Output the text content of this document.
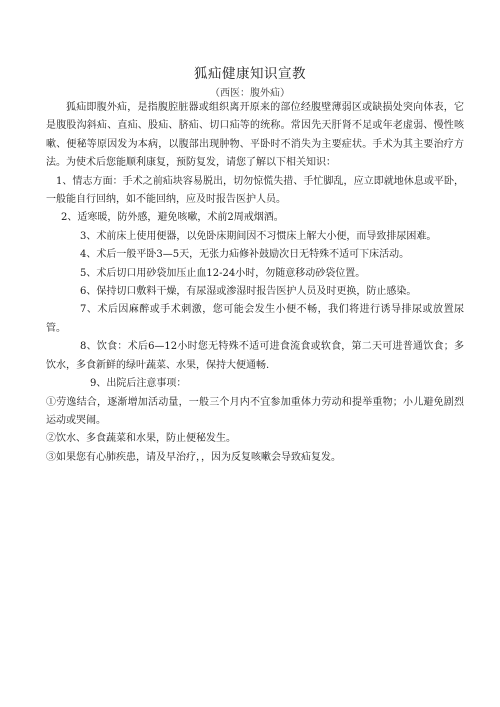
狐疝健康知识宣教
（西医：腹外疝）

狐疝即腹外疝，是指腹腔脏器或组织离开原来的部位经腹壁薄弱区或缺损处突向体表，它是腹股沟斜疝、直疝、股疝、脐疝、切口疝等的统称。常因先天肝肾不足或年老虚弱、慢性咳嗽、便秘等原因发为本病，以腹部出现肿物、平卧时不消失为主要症状。手术为其主要治疗方法。为使术后您能顺利康复，预防复发，请您了解以下相关知识：

1、情志方面：手术之前疝块容易脱出，切勿惊慌失措、手忙脚乱，应立即就地休息或平卧，一般能自行回纳，如不能回纳，应及时报告医护人员。

2、适寒暖，防外感，避免咳嗽，术前2周戒烟酒。

3、术前床上使用便器，以免卧床期间因不习惯床上解大小便，而导致排尿困难。

4、术后一般平卧3—5天，无张力疝修补鼓励次日无特殊不适可下床活动。

5、术后切口用砂袋加压止血12-24小时，勿随意移动砂袋位置。

6、保持切口敷料干燥，有尿湿或渗湿时报告医护人员及时更换，防止感染。

7、术后因麻醉或手术刺激，您可能会发生小便不畅，我们将进行诱导排尿或放置尿管。

8、饮食：术后6—12小时您无特殊不适可进食流食或软食，第二天可进普通饮食；多饮水，多食新鲜的绿叶蔬菜、水果，保持大便通畅.

9、出院后注意事项：

①劳逸结合，逐渐增加活动量，一般三个月内不宜参加重体力劳动和提举重物；小儿避免剧烈运动或哭闹。

②饮水、多食蔬菜和水果，防止便秘发生。

③如果您有心肺疾患，请及早治疗，，因为反复咳嗽会导致疝复发。
